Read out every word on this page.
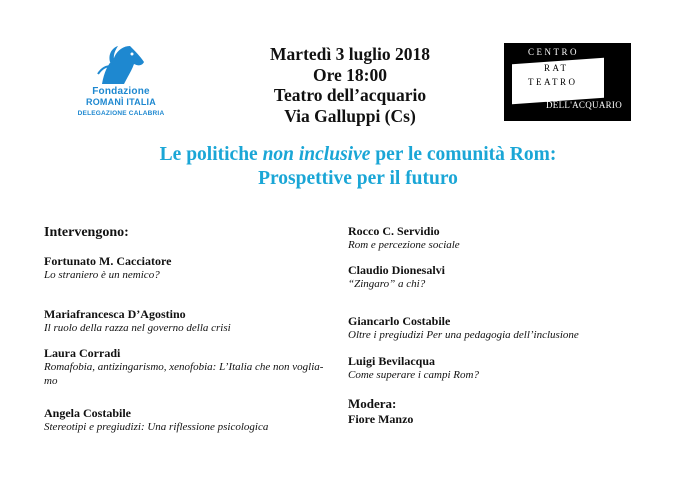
Fondazione
ROMANÌ ITALIA
DELEGAZIONE CALABRIA
Martedì 3 luglio 2018
Ore 18:00
Teatro dell’acquario
Via Galluppi (Cs)
CENTRO
RAT
TEATRO
DELL'ACQUARIO
Le politiche non inclusive per le comunità Rom:
Prospettive per il futuro
Intervengono:
Fortunato M. Cacciatore
Lo straniero è un nemico?
Mariafrancesca D’Agostino
Il ruolo della razza nel governo della crisi
Laura Corradi
Romafobia, antizingarismo, xenofobia: L’Italia che non voglia-
mo
Angela Costabile
Stereotipi e pregiudizi: Una riflessione psicologica
Rocco C. Servidio
Rom e percezione sociale
Claudio Dionesalvi
“Zingaro” a chi?
Giancarlo Costabile
Oltre i pregiudizi Per una pedagogia dell’inclusione
Luigi Bevilacqua
Come superare i campi Rom?
Modera:
Fiore Manzo
